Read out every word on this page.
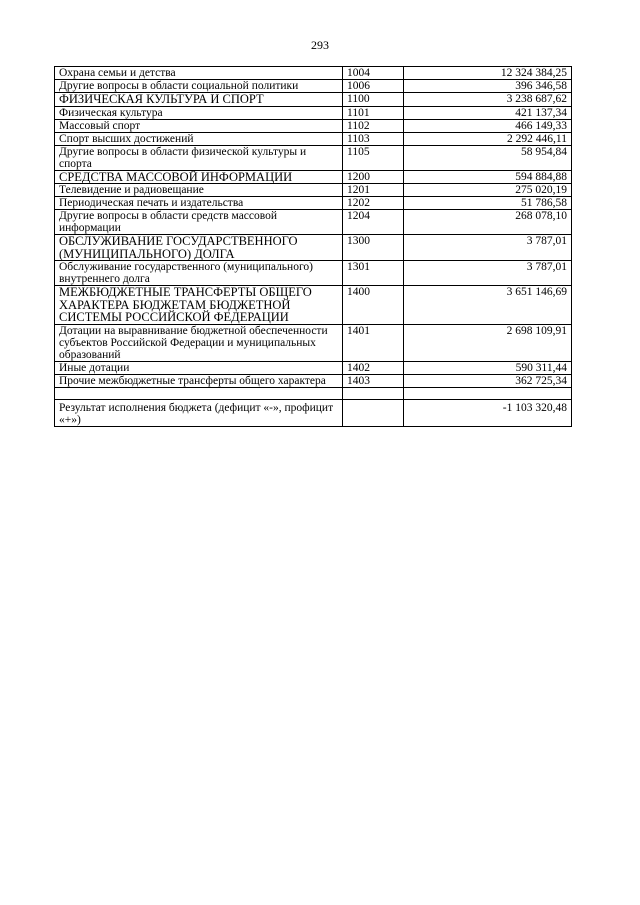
293
Охрана семьи и детства	1004	12 324 384,25
Другие вопросы в области социальной политики	1006	396 346,58
ФИЗИЧЕСКАЯ КУЛЬТУРА И СПОРТ	1100	3 238 687,62
Физическая культура	1101	421 137,34
Массовый спорт	1102	466 149,33
Спорт высших достижений	1103	2 292 446,11
Другие вопросы в области физической культуры и спорта	1105	58 954,84
СРЕДСТВА МАССОВОЙ ИНФОРМАЦИИ	1200	594 884,88
Телевидение и радиовещание	1201	275 020,19
Периодическая печать и издательства	1202	51 786,58
Другие вопросы в области средств массовой информации	1204	268 078,10
ОБСЛУЖИВАНИЕ ГОСУДАРСТВЕННОГО (МУНИЦИПАЛЬНОГО) ДОЛГА	1300	3 787,01
Обслуживание государственного (муниципального) внутреннего долга	1301	3 787,01
МЕЖБЮДЖЕТНЫЕ ТРАНСФЕРТЫ ОБЩЕГО ХАРАКТЕРА БЮДЖЕТАМ БЮДЖЕТНОЙ СИСТЕМЫ РОССИЙСКОЙ ФЕДЕРАЦИИ	1400	3 651 146,69
Дотации на выравнивание бюджетной обеспеченности субъектов Российской Федерации и муниципальных образований	1401	2 698 109,91
Иные дотации	1402	590 311,44
Прочие межбюджетные трансферты общего характера	1403	362 725,34

Результат исполнения бюджета (дефицит «-», профицит «+»)		-1 103 320,48
